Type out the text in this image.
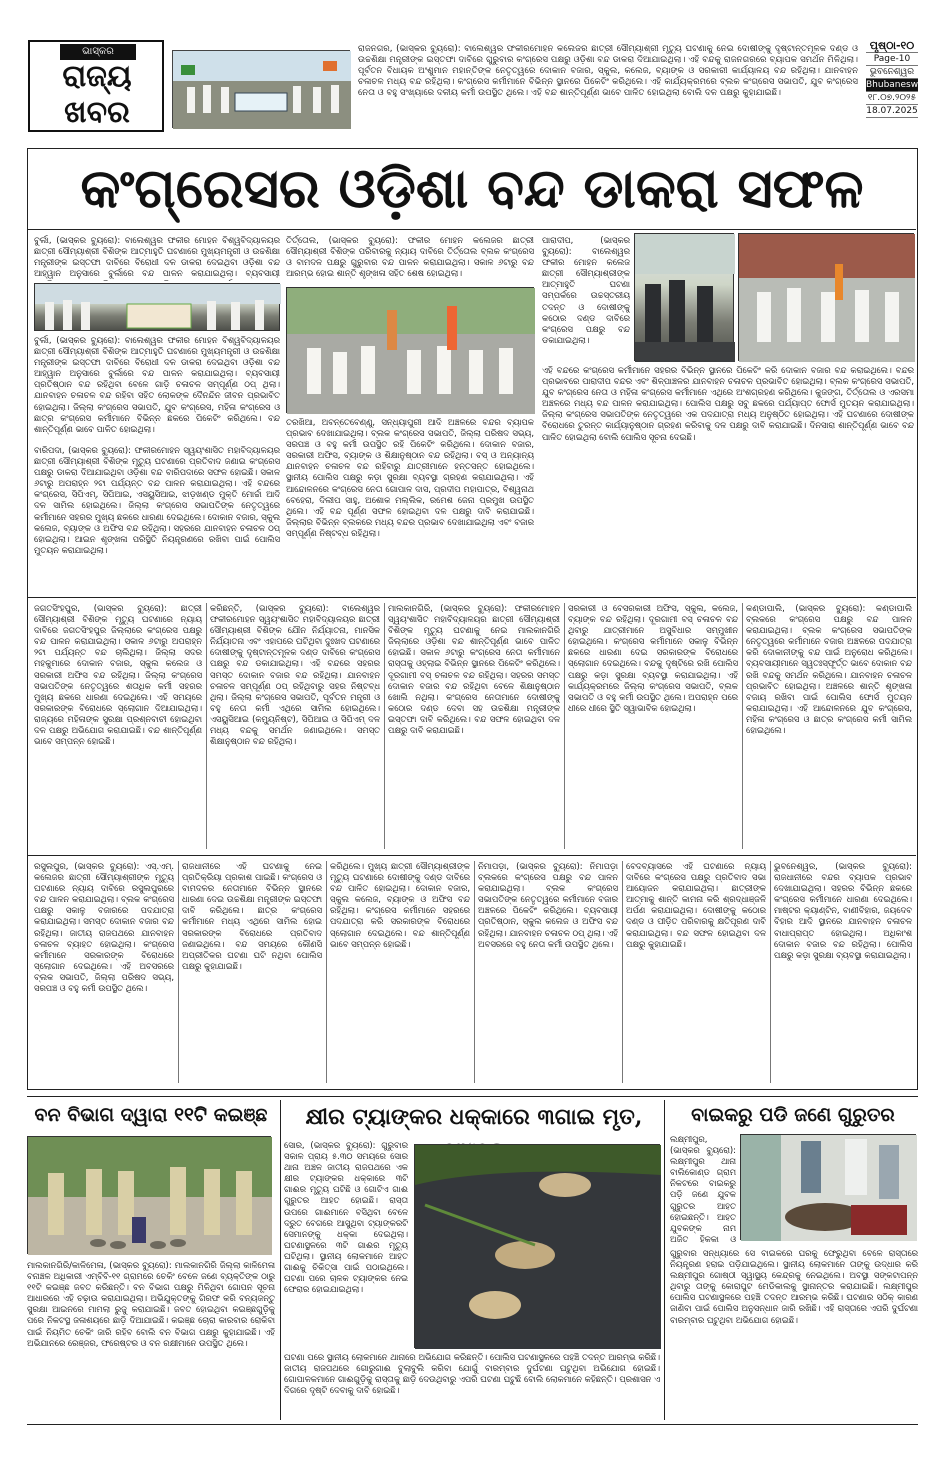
ଭାସ୍କର
ରାଜ୍ୟ
ଖବର

ରାଜନଗର, (ଭାସ୍କର ବ୍ୟୁରୋ): ବାଲେଶ୍ୱର ଫକୀରମୋହନ କଲେଜର ଛାତ୍ରୀ ସୌମ୍ୟାଶ୍ରୀ ମୃତ୍ୟୁ ଘଟଣାକୁ ନେଇ ଦୋଷୀଙ୍କୁ ଦୃଷ୍ଟାନ୍ତମୂଳକ ଦଣ୍ଡ ଓ ଉଚ୍ଚଶିକ୍ଷା ମନ୍ତ୍ରୀଙ୍କ ଇସ୍ତଫା ଦାବିରେ ଗୁରୁବାର କଂଗ୍ରେସ ପକ୍ଷରୁ ଓଡ଼ିଶା ବନ୍ଦ ଡାକରା ଦିଆଯାଇଥିଲା। ଏହି ବନ୍ଦକୁ ରାଜନଗରରେ ବ୍ୟାପକ ସମର୍ଥନ ମିଳିଥିଲା। ପୂର୍ବତନ ବିଧାୟକ ଅଂଶୁମାନ ମହାନ୍ତିଙ୍କ ନେତୃତ୍ୱରେ ଦୋକାନ ବଜାର, ସ୍କୁଲ, କଲେଜ, ବ୍ୟାଙ୍କ ଓ ସରକାରୀ କାର୍ଯ୍ୟାଳୟ ବନ୍ଦ ରହିଥିଲା। ଯାନବାହନ ଚଳାଚଳ ମଧ୍ୟ ବନ୍ଦ ରହିଥିଲା। କଂଗ୍ରେସ କର୍ମୀମାନେ ବିଭିନ୍ନ ସ୍ଥାନରେ ପିକେଟିଂ କରିଥିଲେ। ଏହି କାର୍ଯ୍ୟକ୍ରମରେ ବ୍ଲକ କଂଗ୍ରେସ ସଭାପତି, ଯୁବ କଂଗ୍ରେସ ନେତା ଓ ବହୁ ସଂଖ୍ୟାରେ ଦଳୀୟ କର୍ମୀ ଉପସ୍ଥିତ ଥିଲେ। ଏହି ବନ୍ଦ ଶାନ୍ତିପୂର୍ଣ୍ଣ ଭାବେ ପାଳିତ ହୋଇଥିଲା ବୋଲି ଦଳ ପକ୍ଷରୁ କୁହାଯାଇଛି।

ପୃଷ୍ଠା-୧୦
Page-10
ଭୁବନେଶ୍ୱର
Bhubaneswar
୧୮.୦୭.୨୦୨୫
18.07.2025
କଂଗ୍ରେସର ଓଡ଼ିଶା ବନ୍ଦ ଡାକରା ସଫଳ

ବୁର୍ଲା, (ଭାସ୍କର ବ୍ୟୁରୋ): ବାଲେଶ୍ୱର ଫକୀର ମୋହନ ବିଶ୍ୱବିଦ୍ୟାଳୟର ଛାତ୍ରୀ ସୌମ୍ୟାଶ୍ରୀ ବିଶିଙ୍କ ଆତ୍ମାହୁତି ଘଟଣାରେ ମୁଖ୍ୟମନ୍ତ୍ରୀ ଓ ଉଚ୍ଚଶିକ୍ଷା ମନ୍ତ୍ରୀଙ୍କ ଇସ୍ତଫା ଦାବିରେ ବିରୋଧୀ ଦଳ ଡାକରା ଦେଇଥିବା ଓଡ଼ିଶା ବନ୍ଦ ଆହ୍ୱାନ ଅନୁସାରେ ବୁର୍ଲାରେ ବନ୍ଦ ପାଳନ କରାଯାଇଥିଲା। ବ୍ୟବସାୟୀ

ବୁର୍ଲା, (ଭାସ୍କର ବ୍ୟୁରୋ): ବାଲେଶ୍ୱର ଫକୀର ମୋହନ ବିଶ୍ୱବିଦ୍ୟାଳୟର ଛାତ୍ରୀ ସୌମ୍ୟାଶ୍ରୀ ବିଶିଙ୍କ ଆତ୍ମାହୁତି ଘଟଣାରେ ମୁଖ୍ୟମନ୍ତ୍ରୀ ଓ ଉଚ୍ଚଶିକ୍ଷା ମନ୍ତ୍ରୀଙ୍କ ଇସ୍ତଫା ଦାବିରେ ବିରୋଧୀ ଦଳ ଡାକରା ଦେଇଥିବା ଓଡ଼ିଶା ବନ୍ଦ ଆହ୍ୱାନ ଅନୁସାରେ ବୁର୍ଲାରେ ବନ୍ଦ ପାଳନ କରାଯାଇଥିଲା। ବ୍ୟବସାୟୀ ପ୍ରତିଷ୍ଠାନ ବନ୍ଦ ରହିଥିବା ବେଳେ ଗାଡ଼ି ଚଳାଚଳ ସମ୍ପୂର୍ଣ୍ଣ ଠପ୍ ଥିଲା। ଯାନବାହନ ଚଳାଚଳ ବନ୍ଦ ରହିବା ସହିତ ଲୋକଙ୍କ ଦୈନନ୍ଦିନ ଜୀବନ ପ୍ରଭାବିତ ହୋଇଥିଲା। ଜିଲ୍ଲା କଂଗ୍ରେସ ସଭାପତି, ଯୁବ କଂଗ୍ରେସ, ମହିଳା କଂଗ୍ରେସ ଓ ଛାତ୍ର କଂଗ୍ରେସ କର୍ମୀମାନେ ବିଭିନ୍ନ ଛକରେ ପିକେଟିଂ କରିଥିଲେ। ବନ୍ଦ ଶାନ୍ତିପୂର୍ଣ୍ଣ ଭାବେ ପାଳିତ ହୋଇଥିଲା।

ବାରିପଦା, (ଭାସ୍କର ବ୍ୟୁରୋ): ଫକୀରମୋହନ ସ୍ୱୟଂଶାସିତ ମହାବିଦ୍ୟାଳୟର ଛାତ୍ରୀ ସୌମ୍ୟାଶ୍ରୀ ବିଶିଙ୍କ ମୃତ୍ୟୁ ଘଟଣାରେ ପ୍ରତିବାଦ ଜଣାଇ କଂଗ୍ରେସ ପକ୍ଷରୁ ଡାକରା ଦିଆଯାଇଥିବା ଓଡ଼ିଶା ବନ୍ଦ ବାରିପଦାରେ ସଫଳ ହୋଇଛି। ସକାଳ ୬ଟାରୁ ଅପରାହ୍ନ ୨ଟା ପର୍ଯ୍ୟନ୍ତ ବନ୍ଦ ପାଳନ କରାଯାଇଥିଲା। ଏହି ବନ୍ଦରେ କଂଗ୍ରେସ, ସିପିଏମ୍, ସିପିଆଇ, ଏସୟୁସିଆଇ, ଝାଡ଼ଖଣ୍ଡ ମୁକ୍ତି ମୋର୍ଚ୍ଚା ଆଦି ଦଳ ସାମିଲ ହୋଇଥିଲେ। ଜିଲ୍ଲା କଂଗ୍ରେସ ସଭାପତିଙ୍କ ନେତୃତ୍ୱରେ କର୍ମୀମାନେ ସହରର ମୁଖ୍ୟ ଛକରେ ଧାରଣା ଦେଇଥିଲେ। ଦୋକାନ ବଜାର, ସ୍କୁଲ କଲେଜ, ବ୍ୟାଙ୍କ ଓ ଅଫିସ ବନ୍ଦ ରହିଥିଲା। ସହରରେ ଯାନବାହନ ଚଳାଚଳ ଠପ୍ ହୋଇଥିଲା। ଆଇନ ଶୃଙ୍ଖଳା ପରିସ୍ଥିତି ନିୟନ୍ତ୍ରଣରେ ରଖିବା ପାଇଁ ପୋଲିସ ମୁତୟନ କରାଯାଇଥିଲା।

ତିର୍ତ୍ତୋଲ, (ଭାସ୍କର ବ୍ୟୁରୋ): ଫକୀର ମୋହନ କଲେଜର ଛାତ୍ରୀ ସୌମ୍ୟାଶ୍ରୀ ବିଶିଙ୍କ ପରିବାରକୁ ନ୍ୟାୟ ଦାବିରେ ତିର୍ତ୍ତୋଲ ବ୍ଲକ କଂଗ୍ରେସ ଓ ବାମଦଳ ପକ୍ଷରୁ ଗୁରୁବାର ବନ୍ଦ ପାଳନ କରାଯାଇଥିଲା। ସକାଳ ୬ଟାରୁ ବନ୍ଦ ଆରମ୍ଭ ହୋଇ ଶାନ୍ତି ଶୃଙ୍ଖଳା ସହିତ ଶେଷ ହୋଇଥିଲା।

ତରଖିଆ, ଅବନ୍ତେବେଣ୍ଣୁ, ସନ୍ଧ୍ୟାପୁରୀ ଆଦି ଅଞ୍ଚଳରେ ବନ୍ଦର ବ୍ୟାପକ ପ୍ରଭାବ ଦେଖାଯାଇଥିଲା। ବ୍ଲକ କଂଗ୍ରେସ ସଭାପତି, ଜିଲ୍ଲା ପରିଷଦ ସଭ୍ୟ, ସରପଞ୍ଚ ଓ ବହୁ କର୍ମୀ ଉପସ୍ଥିତ ରହି ପିକେଟିଂ କରିଥିଲେ। ଦୋକାନ ବଜାର, ସରକାରୀ ଅଫିସ, ବ୍ୟାଙ୍କ ଓ ଶିକ୍ଷାନୁଷ୍ଠାନ ବନ୍ଦ ରହିଥିଲା। ବସ୍ ଓ ଅନ୍ୟାନ୍ୟ ଯାନବାହନ ଚଳାଚଳ ବନ୍ଦ ରହିବାରୁ ଯାତ୍ରୀମାନେ ହନ୍ତସନ୍ତ ହୋଇଥିଲେ। ସ୍ଥାନୀୟ ପୋଲିସ ପକ୍ଷରୁ କଡ଼ା ସୁରକ୍ଷା ବ୍ୟବସ୍ଥା ଗ୍ରହଣ କରାଯାଇଥିଲା। ଏହି ଆନ୍ଦୋଳନରେ କଂଗ୍ରେସ ନେତା ଗୋପାଳ ଦାସ, ପ୍ରଦୀପ ମହାପାତ୍ର, ବିଶ୍ୱନାଥ ବେହେରା, ଦିଲୀପ ସାହୁ, ଅଶୋକ ମଲ୍ଲିକ, ରମେଶ ଜେନା ପ୍ରମୁଖ ଉପସ୍ଥିତ ଥିଲେ। ଏହି ବନ୍ଦ ପୂର୍ଣ୍ଣ ସଫଳ ହୋଇଥିବା ଦଳ ପକ୍ଷରୁ ଦାବି କରାଯାଇଛି। ଜିଲ୍ଲାର ବିଭିନ୍ନ ବ୍ଲକରେ ମଧ୍ୟ ବନ୍ଦର ପ୍ରଭାବ ଦେଖାଯାଇଥିଲା ଏବଂ ବଜାର ସମ୍ପୂର୍ଣ୍ଣ ନିଷ୍ଟବ୍ଧ ରହିଥିଲା।

ପାରାଦୀପ, (ଭାସ୍କର ବ୍ୟୁରୋ): ବାଲେଶ୍ୱର ଫକୀର ମୋହନ କଲେଜ ଛାତ୍ରୀ ସୌମ୍ୟାଶ୍ରୀଙ୍କ ଆତ୍ମାହୁତି ଘଟଣା ସମ୍ପର୍କରେ ଉଚ୍ଚସ୍ତରୀୟ ତଦନ୍ତ ଓ ଦୋଷୀଙ୍କୁ କଠୋର ଦଣ୍ଡ ଦାବିରେ କଂଗ୍ରେସ ପକ୍ଷରୁ ବନ୍ଦ ଡକାଯାଇଥିଲା।

ଏହି ବନ୍ଦରେ କଂଗ୍ରେସ କର୍ମୀମାନେ ସହରର ବିଭିନ୍ନ ସ୍ଥାନରେ ପିକେଟିଂ କରି ଦୋକାନ ବଜାର ବନ୍ଦ କରାଇଥିଲେ। ବନ୍ଦର ପ୍ରଭାବରେ ପାରାଦୀପ ବନ୍ଦର ଏବଂ ଶିଳ୍ପାଞ୍ଚଳର ଯାନବାହନ ଚଳାଚଳ ପ୍ରଭାବିତ ହୋଇଥିଲା। ବ୍ଲକ କଂଗ୍ରେସ ସଭାପତି, ଯୁବ କଂଗ୍ରେସ ନେତା ଓ ମହିଳା କଂଗ୍ରେସ କର୍ମୀମାନେ ଏଥିରେ ଅଂଶଗ୍ରହଣ କରିଥିଲେ। କୁଜଙ୍ଗ, ତିର୍ତ୍ତୋଲ ଓ ଏରସମା ଅଞ୍ଚଳରେ ମଧ୍ୟ ବନ୍ଦ ପାଳନ କରାଯାଇଥିଲା। ପୋଲିସ ପକ୍ଷରୁ ସବୁ ଛକରେ ପର୍ଯ୍ୟାପ୍ତ ଫୋର୍ସ ମୁତୟନ କରାଯାଇଥିଲା। ଜିଲ୍ଲା କଂଗ୍ରେସ ସଭାପତିଙ୍କ ନେତୃତ୍ୱରେ ଏକ ପଦଯାତ୍ରା ମଧ୍ୟ ଅନୁଷ୍ଠିତ ହୋଇଥିଲା। ଏହି ଘଟଣାରେ ଦୋଷୀଙ୍କ ବିରୋଧରେ ତୁରନ୍ତ କାର୍ଯ୍ୟାନୁଷ୍ଠାନ ଗ୍ରହଣ କରିବାକୁ ଦଳ ପକ୍ଷରୁ ଦାବି କରାଯାଇଛି। ଦିନସାରା ଶାନ୍ତିପୂର୍ଣ୍ଣ ଭାବେ ବନ୍ଦ ପାଳିତ ହୋଇଥିଲା ବୋଲି ପୋଲିସ ସୂଚନା ଦେଇଛି।

ଜଗତସିଂହପୁର, (ଭାସ୍କର ବ୍ୟୁରୋ): ଛାତ୍ରୀ ସୌମ୍ୟାଶ୍ରୀ ବିଶିଙ୍କ ମୃତ୍ୟୁ ଘଟଣାରେ ନ୍ୟାୟ ଦାବିରେ ଜଗତସିଂହପୁର ଜିଲ୍ଲାରେ କଂଗ୍ରେସ ପକ୍ଷରୁ ବନ୍ଦ ପାଳନ କରାଯାଇଥିଲା। ସକାଳ ୬ଟାରୁ ଅପରାହ୍ନ ୨ଟା ପର୍ଯ୍ୟନ୍ତ ବନ୍ଦ ଚାଲିଥିଲା। ଜିଲ୍ଲା ସଦର ମହକୁମାରେ ଦୋକାନ ବଜାର, ସ୍କୁଲ କଲେଜ ଓ ସରକାରୀ ଅଫିସ ବନ୍ଦ ରହିଥିଲା। ଜିଲ୍ଲା କଂଗ୍ରେସ ସଭାପତିଙ୍କ ନେତୃତ୍ୱରେ ଶତାଧିକ କର୍ମୀ ସହରର ମୁଖ୍ୟ ଛକରେ ଧାରଣା ଦେଇଥିଲେ। ଏହି ସମୟରେ ସରକାରଙ୍କ ବିରୋଧରେ ସ୍ଲୋଗାନ ଦିଆଯାଇଥିଲା। ରାଜ୍ୟରେ ମହିଳାଙ୍କ ସୁରକ୍ଷା ପ୍ରଶ୍ନବାଚୀ ହୋଇଥିବା ଦଳ ପକ୍ଷରୁ ଅଭିଯୋଗ କରାଯାଇଛି। ବନ୍ଦ ଶାନ୍ତିପୂର୍ଣ୍ଣ ଭାବେ ସମ୍ପନ୍ନ ହୋଇଛି।

କରିଛନ୍ତି, (ଭାସ୍କର ବ୍ୟୁରୋ): ବାଲେଶ୍ୱର ଫକୀରମୋହନ ସ୍ୱୟଂଶାସିତ ମହାବିଦ୍ୟାଳୟର ଛାତ୍ରୀ ସୌମ୍ୟାଶ୍ରୀ ବିଶିଙ୍କ ଯୌନ ନିର୍ଯ୍ୟାତନା, ମାନସିକ ନିର୍ଯ୍ୟାତନା ଏବଂ ଏହାପରେ ଘଟିଥିବା ଦୁଃଖଦ ଘଟଣାରେ ଦୋଷୀଙ୍କୁ ଦୃଷ୍ଟାନ୍ତମୂଳକ ଦଣ୍ଡ ଦାବିରେ କଂଗ୍ରେସ ପକ୍ଷରୁ ବନ୍ଦ ଡକାଯାଇଥିଲା। ଏହି ବନ୍ଦରେ ସହରର ସମସ୍ତ ଦୋକାନ ବଜାର ବନ୍ଦ ରହିଥିଲା। ଯାନବାହନ ଚଳାଚଳ ସମ୍ପୂର୍ଣ୍ଣ ଠପ୍ ରହିଥିବାରୁ ସହର ନିଷ୍ଟବ୍ଧ ଥିଲା। ଜିଲ୍ଲା କଂଗ୍ରେସ ସଭାପତି, ପୂର୍ବତନ ମନ୍ତ୍ରୀ ଓ ବହୁ ନେତା କର୍ମୀ ଏଥିରେ ସାମିଲ ହୋଇଥିଲେ। ଏସୟୁସିଆଇ (କମ୍ୟୁନିଷ୍ଟ), ସିପିଆଇ ଓ ସିପିଏମ୍ ଦଳ ମଧ୍ୟ ବନ୍ଦକୁ ସମର୍ଥନ ଜଣାଇଥିଲେ। ସମସ୍ତ ଶିକ୍ଷାନୁଷ୍ଠାନ ବନ୍ଦ ରହିଥିଲା।

ମାଲକାନଗିରି, (ଭାସ୍କର ବ୍ୟୁରୋ): ଫକୀରମୋହନ ସ୍ୱୟଂଶାସିତ ମହାବିଦ୍ୟାଳୟର ଛାତ୍ରୀ ସୌମ୍ୟାଶ୍ରୀ ବିଶିଙ୍କ ମୃତ୍ୟୁ ଘଟଣାକୁ ନେଇ ମାଲକାନଗିରି ଜିଲ୍ଲାରେ ଓଡ଼ିଶା ବନ୍ଦ ଶାନ୍ତିପୂର୍ଣ୍ଣ ଭାବେ ପାଳିତ ହୋଇଛି। ସକାଳ ୬ଟାରୁ କଂଗ୍ରେସ ନେତା କର୍ମୀମାନେ ରାସ୍ତାକୁ ଓହ୍ଲାଇ ବିଭିନ୍ନ ସ୍ଥାନରେ ପିକେଟିଂ କରିଥିଲେ। ଦୂରଗାମୀ ବସ୍ ଚଳାଚଳ ବନ୍ଦ ରହିଥିଲା। ସହରର ସମସ୍ତ ଦୋକାନ ବଜାର ବନ୍ଦ ରହିଥିବା ବେଳେ ଶିକ୍ଷାନୁଷ୍ଠାନ ଖୋଲି ନଥିଲା। କଂଗ୍ରେସ ନେତାମାନେ ଦୋଷୀଙ୍କୁ କଠୋର ଦଣ୍ଡ ଦେବା ସହ ଉଚ୍ଚଶିକ୍ଷା ମନ୍ତ୍ରୀଙ୍କ ଇସ୍ତଫା ଦାବି କରିଥିଲେ। ବନ୍ଦ ସଫଳ ହୋଇଥିବା ଦଳ ପକ୍ଷରୁ ଦାବି କରାଯାଇଛି।

ସରକାରୀ ଓ ବେସରକାରୀ ଅଫିସ, ସ୍କୁଲ, କଲେଜ, ବ୍ୟାଙ୍କ ବନ୍ଦ ରହିଥିଲା। ଦୂରଗାମୀ ବସ୍ ଚଳାଚଳ ବନ୍ଦ ଥିବାରୁ ଯାତ୍ରୀମାନେ ଅସୁବିଧାର ସମ୍ମୁଖୀନ ହୋଇଥିଲେ। କଂଗ୍ରେସ କର୍ମୀମାନେ ସକାଳୁ ବିଭିନ୍ନ ଛକରେ ଧାରଣା ଦେଇ ସରକାରଙ୍କ ବିରୋଧରେ ସ୍ଲୋଗାନ ଦେଇଥିଲେ। ବନ୍ଦକୁ ଦୃଷ୍ଟିରେ ରଖି ପୋଲିସ ପକ୍ଷରୁ କଡ଼ା ସୁରକ୍ଷା ବ୍ୟବସ୍ଥା କରାଯାଇଥିଲା। ଏହି କାର୍ଯ୍ୟକ୍ରମରେ ଜିଲ୍ଲା କଂଗ୍ରେସ ସଭାପତି, ବ୍ଲକ ସଭାପତି ଓ ବହୁ କର୍ମୀ ଉପସ୍ଥିତ ଥିଲେ। ଅପରାହ୍ନ ପରେ ଧୀରେ ଧୀରେ ସ୍ଥିତି ସ୍ୱାଭାବିକ ହୋଇଥିଲା।

କଣ୍ଡାପାଲି, (ଭାସ୍କର ବ୍ୟୁରୋ): କଣ୍ଡାପାଲି ବ୍ଲକରେ କଂଗ୍ରେସ ପକ୍ଷରୁ ବନ୍ଦ ପାଳନ କରାଯାଇଥିଲା। ବ୍ଲକ କଂଗ୍ରେସ ସଭାପତିଙ୍କ ନେତୃତ୍ୱରେ କର୍ମୀମାନେ ବଜାର ଅଞ୍ଚଳରେ ପଦଯାତ୍ରା କରି ଦୋକାନୀଙ୍କୁ ବନ୍ଦ ପାଇଁ ଅନୁରୋଧ କରିଥିଲେ। ବ୍ୟବସାୟୀମାନେ ସ୍ୱତଃସ୍ଫୂର୍ତ୍ତ ଭାବେ ଦୋକାନ ବନ୍ଦ ରଖି ବନ୍ଦକୁ ସମର୍ଥନ କରିଥିଲେ। ଯାନବାହନ ଚଳାଚଳ ପ୍ରଭାବିତ ହୋଇଥିଲା। ଅଞ୍ଚଳରେ ଶାନ୍ତି ଶୃଙ୍ଖଳା ବଜାୟ ରଖିବା ପାଇଁ ପୋଲିସ ଫୋର୍ସ ମୁତୟନ କରାଯାଇଥିଲା। ଏହି ଆନ୍ଦୋଳନରେ ଯୁବ କଂଗ୍ରେସ, ମହିଳା କଂଗ୍ରେସ ଓ ଛାତ୍ର କଂଗ୍ରେସ କର୍ମୀ ସାମିଲ ହୋଇଥିଲେ।

ରସୁଲପୁର, (ଭାସ୍କର ବ୍ୟୁରୋ): ଏସ୍.ଏମ୍. କଲେଜର ଛାତ୍ରୀ ସୌମ୍ୟାଶ୍ରୀଙ୍କ ମୃତ୍ୟୁ ଘଟଣାରେ ନ୍ୟାୟ ଦାବିରେ ରସୁଲପୁରରେ ବନ୍ଦ ପାଳନ କରାଯାଇଥିଲା। ବ୍ଲକ କଂଗ୍ରେସ ପକ୍ଷରୁ ସକାଳୁ ବଜାରରେ ପଦଯାତ୍ରା କରାଯାଇଥିଲା। ସମସ୍ତ ଦୋକାନ ବଜାର ବନ୍ଦ ରହିଥିଲା। ଜାତୀୟ ରାଜପଥରେ ଯାନବାହନ ଚଳାଚଳ ବ୍ୟାହତ ହୋଇଥିଲା। କଂଗ୍ରେସ କର୍ମୀମାନେ ସରକାରଙ୍କ ବିରୋଧରେ ସ୍ଲୋଗାନ ଦେଇଥିଲେ। ଏହି ଅବସରରେ ବ୍ଲକ ସଭାପତି, ଜିଲ୍ଲା ପରିଷଦ ସଭ୍ୟ, ସରପଞ୍ଚ ଓ ବହୁ କର୍ମୀ ଉପସ୍ଥିତ ଥିଲେ।

ରାଜଧାନୀରେ ଏହି ଘଟଣାକୁ ନେଇ ପ୍ରତିକ୍ରିୟା ପ୍ରକାଶ ପାଇଛି। କଂଗ୍ରେସ ଓ ବାମଦଳର ନେତାମାନେ ବିଭିନ୍ନ ସ୍ଥାନରେ ଧାରଣା ଦେଇ ଉଚ୍ଚଶିକ୍ଷା ମନ୍ତ୍ରୀଙ୍କ ଇସ୍ତଫା ଦାବି କରିଥିଲେ। ଛାତ୍ର କଂଗ୍ରେସ କର୍ମୀମାନେ ମଧ୍ୟ ଏଥିରେ ସାମିଲ ହୋଇ ସରକାରଙ୍କ ବିରୋଧରେ ପ୍ରତିବାଦ ଜଣାଇଥିଲେ। ବନ୍ଦ ସମୟରେ କୌଣସି ଅପ୍ରୀତିକର ଘଟଣା ଘଟି ନଥିବା ପୋଲିସ ପକ୍ଷରୁ କୁହାଯାଇଛି।

କରିଥିଲେ। ମୁଖ୍ୟ ଛାତ୍ରୀ ସୌମ୍ୟାଶ୍ରୀଙ୍କ ମୃତ୍ୟୁ ଘଟଣାରେ ଦୋଷୀଙ୍କୁ ଦଣ୍ଡ ଦାବିରେ ବନ୍ଦ ପାଳିତ ହୋଇଥିଲା। ଦୋକାନ ବଜାର, ସ୍କୁଲ କଲେଜ, ବ୍ୟାଙ୍କ ଓ ଅଫିସ ବନ୍ଦ ରହିଥିଲା। କଂଗ୍ରେସ କର୍ମୀମାନେ ସହରରେ ପଦଯାତ୍ରା କରି ସରକାରଙ୍କ ବିରୋଧରେ ସ୍ଲୋଗାନ ଦେଇଥିଲେ। ବନ୍ଦ ଶାନ୍ତିପୂର୍ଣ୍ଣ ଭାବେ ସମ୍ପନ୍ନ ହୋଇଛି।

ନିମାପଡ଼ା, (ଭାସ୍କର ବ୍ୟୁରୋ): ନିମାପଡ଼ା ବ୍ଲକରେ କଂଗ୍ରେସ ପକ୍ଷରୁ ବନ୍ଦ ପାଳନ କରାଯାଇଥିଲା। ବ୍ଲକ କଂଗ୍ରେସ ସଭାପତିଙ୍କ ନେତୃତ୍ୱରେ କର୍ମୀମାନେ ବଜାର ଅଞ୍ଚଳରେ ପିକେଟିଂ କରିଥିଲେ। ବ୍ୟବସାୟୀ ପ୍ରତିଷ୍ଠାନ, ସ୍କୁଲ କଲେଜ ଓ ଅଫିସ ବନ୍ଦ ରହିଥିଲା। ଯାନବାହନ ଚଳାଚଳ ଠପ୍ ଥିଲା। ଏହି ଅବସରରେ ବହୁ ନେତା କର୍ମୀ ଉପସ୍ଥିତ ଥିଲେ।

ବେଦବ୍ୟାସରେ ଏହି ଘଟଣାରେ ନ୍ୟାୟ ଦାବିରେ କଂଗ୍ରେସ ପକ୍ଷରୁ ପ୍ରତିବାଦ ସଭା ଆୟୋଜନ କରାଯାଇଥିଲା। ଛାତ୍ରୀଙ୍କ ଆତ୍ମାକୁ ଶାନ୍ତି କାମନା କରି ଶ୍ରଦ୍ଧାଞ୍ଜଳି ଅର୍ପଣ କରାଯାଇଥିଲା। ଦୋଷୀଙ୍କୁ କଠୋର ଦଣ୍ଡ ଓ ପୀଡ଼ିତ ପରିବାରକୁ କ୍ଷତିପୂରଣ ଦାବି କରାଯାଇଥିଲା। ବନ୍ଦ ସଫଳ ହୋଇଥିବା ଦଳ ପକ୍ଷରୁ କୁହାଯାଇଛି।

ଭୁବନେଶ୍ୱର, (ଭାସ୍କର ବ୍ୟୁରୋ): ରାଜଧାନୀରେ ବନ୍ଦର ବ୍ୟାପକ ପ୍ରଭାବ ଦେଖାଯାଇଥିଲା। ସହରର ବିଭିନ୍ନ ଛକରେ କଂଗ୍ରେସ କର୍ମୀମାନେ ଧାରଣା ଦେଇଥିଲେ। ମାଷ୍ଟର କ୍ୟାଣ୍ଟିନ, ବାଣୀବିହାର, ଜୟଦେବ ବିହାର ଆଦି ସ୍ଥାନରେ ଯାନବାହନ ଚଳାଚଳ ବାଧାପ୍ରାପ୍ତ ହୋଇଥିଲା। ଅଧିକାଂଶ ଦୋକାନ ବଜାର ବନ୍ଦ ରହିଥିଲା। ପୋଲିସ ପକ୍ଷରୁ କଡ଼ା ସୁରକ୍ଷା ବ୍ୟବସ୍ଥା କରାଯାଇଥିଲା।

ବନ ବିଭାଗ ଦ୍ୱାରା ୧୧ଟି କଇଞ୍ଛ

ମାଲକାନଗିରି/କାଳିମେଳା, (ଭାସ୍କର ବ୍ୟୁରୋ): ମାଲକାନଗିରି ଜିଲ୍ଲା କାଳିମେଳା ବନାଞ୍ଚଳ ଅଧିକାରୀ ଏମ୍‌ବିବି-୧୧ ଗ୍ରାମରେ ଚେକିଂ ବେଳେ ଜଣେ ବ୍ୟକ୍ତିଙ୍କ ଠାରୁ ୧୧ଟି କଇଞ୍ଛ ଜବତ କରିଛନ୍ତି। ବନ ବିଭାଗ ପକ୍ଷରୁ ମିଳିଥିବା ଗୋପନ ସୂଚନା ଆଧାରରେ ଏହି ଚଢ଼ାଉ କରାଯାଇଥିଲା। ଅଭିଯୁକ୍ତଙ୍କୁ ଗିରଫ କରି ବନ୍ୟଜନ୍ତୁ ସୁରକ୍ଷା ଆଇନରେ ମାମଲା ରୁଜୁ କରାଯାଇଛି। ଜବତ ହୋଇଥିବା କଇଞ୍ଛଗୁଡ଼ିକୁ ପରେ ନିକଟସ୍ଥ ଜଳାଶୟରେ ଛାଡ଼ି ଦିଆଯାଇଛି। କଇଞ୍ଛ ଚୋରା କାରବାର ରୋକିବା ପାଇଁ ନିୟମିତ ଚେକିଂ ଜାରି ରହିବ ବୋଲି ବନ ବିଭାଗ ପକ୍ଷରୁ କୁହାଯାଇଛି। ଏହି ଅଭିଯାନରେ ରେଞ୍ଜର, ଫରେଷ୍ଟର ଓ ବନ ରକ୍ଷୀମାନେ ଉପସ୍ଥିତ ଥିଲେ।

କ୍ଷୀର ଟ୍ୟାଙ୍କର ଧକ୍କାରେ ୩ଗାଇ ମୃତ,

ସୋର, (ଭାସ୍କର ବ୍ୟୁରୋ): ଗୁରୁବାର ସକାଳ ପ୍ରାୟ ୫.୩୦ ସମୟରେ ସୋର ଥାନା ଅଞ୍ଚଳ ଜାତୀୟ ରାଜପଥରେ ଏକ କ୍ଷୀର ଟ୍ୟାଙ୍କର ଧକ୍କାରେ ୩ଟି ଗାଈର ମୃତ୍ୟୁ ଘଟିଛି ଓ ଗୋଟିଏ ଗାଈ ଗୁରୁତର ଆହତ ହୋଇଛି। ରାସ୍ତା ଉପରେ ଗାଈମାନେ ବସିଥିବା ବେଳେ ଦ୍ରୁତ ବେଗରେ ଆସୁଥିବା ଟ୍ୟାଙ୍କରଟି ସେମାନଙ୍କୁ ଧକ୍କା ଦେଇଥିଲା। ଘଟଣାସ୍ଥଳରେ ୩ଟି ଗାଈର ମୃତ୍ୟୁ ଘଟିଥିଲା। ସ୍ଥାନୀୟ ଲୋକମାନେ ଆହତ ଗାଈକୁ ଚିକିତ୍ସା ପାଇଁ ପଠାଇଥିଲେ। ଘଟଣା ପରେ ଚାଳକ ଟ୍ୟାଙ୍କର ନେଇ ଫେରାର ହୋଇଯାଇଥିଲା।

ଘଟଣା ପରେ ସ୍ଥାନୀୟ ଲୋକମାନେ ଥାନାରେ ଅଭିଯୋଗ କରିଛନ୍ତି। ପୋଲିସ ଘଟଣାସ୍ଥଳରେ ପହଞ୍ଚି ତଦନ୍ତ ଆରମ୍ଭ କରିଛି। ଜାତୀୟ ରାଜପଥରେ ଗୋରୁଗାଈ ବୁଲାବୁଲି କରିବା ଯୋଗୁଁ ବାରମ୍ବାର ଦୁର୍ଘଟଣା ଘଟୁଥିବା ଅଭିଯୋଗ ହୋଇଛି। ଗୋପାଳକମାନେ ଗାଈଗୁଡ଼ିକୁ ରାସ୍ତାକୁ ଛାଡ଼ି ଦେଉଥିବାରୁ ଏପରି ଘଟଣା ଘଟୁଛି ବୋଲି ଲୋକମାନେ କହିଛନ୍ତି। ପ୍ରଶାସନ ଏ ଦିଗରେ ଦୃଷ୍ଟି ଦେବାକୁ ଦାବି ହୋଇଛି।

ବାଇକରୁ ପଡି ଜଣେ ଗୁରୁତର

ଲକ୍ଷ୍ମୀପୁର, (ଭାସ୍କର ବ୍ୟୁରୋ): ଲକ୍ଷ୍ମୀପୁର ଥାନା ବାଲିକୋଣ୍ଡ ଗ୍ରାମ ନିକଟରେ ବାଇକରୁ ପଡ଼ି ଜଣେ ଯୁବକ ଗୁରୁତର ଆହତ ହୋଇଛନ୍ତି। ଆହତ ଯୁବକଙ୍କ ନାମ ଅଜିତ ହିକକା ଓ

ଗୁରୁବାର ସନ୍ଧ୍ୟାରେ ସେ ବାଇକରେ ଘରକୁ ଫେରୁଥିବା ବେଳେ ରାସ୍ତାରେ ନିୟନ୍ତ୍ରଣ ହରାଇ ପଡ଼ିଯାଇଥିଲେ। ସ୍ଥାନୀୟ ଲୋକମାନେ ତାଙ୍କୁ ଉଦ୍ଧାର କରି ଲକ୍ଷ୍ମୀପୁର ଗୋଷ୍ଠୀ ସ୍ୱାସ୍ଥ୍ୟ କେନ୍ଦ୍ରକୁ ନେଇଥିଲେ। ଅବସ୍ଥା ସଙ୍କଟାପନ୍ନ ଥିବାରୁ ତାଙ୍କୁ କୋରାପୁଟ ମେଡିକାଲକୁ ସ୍ଥାନାନ୍ତର କରାଯାଇଛି। ଲକ୍ଷ୍ମୀପୁର ପୋଲିସ ଘଟଣାସ୍ଥଳରେ ପହଞ୍ଚି ତଦନ୍ତ ଆରମ୍ଭ କରିଛି। ଘଟଣାର ସଠିକ୍ କାରଣ ଜାଣିବା ପାଇଁ ପୋଲିସ ଅନୁସନ୍ଧାନ ଜାରି ରଖିଛି। ଏହି ରାସ୍ତାରେ ଏପରି ଦୁର୍ଘଟଣା ବାରମ୍ବାର ଘଟୁଥିବା ଅଭିଯୋଗ ହୋଇଛି।
